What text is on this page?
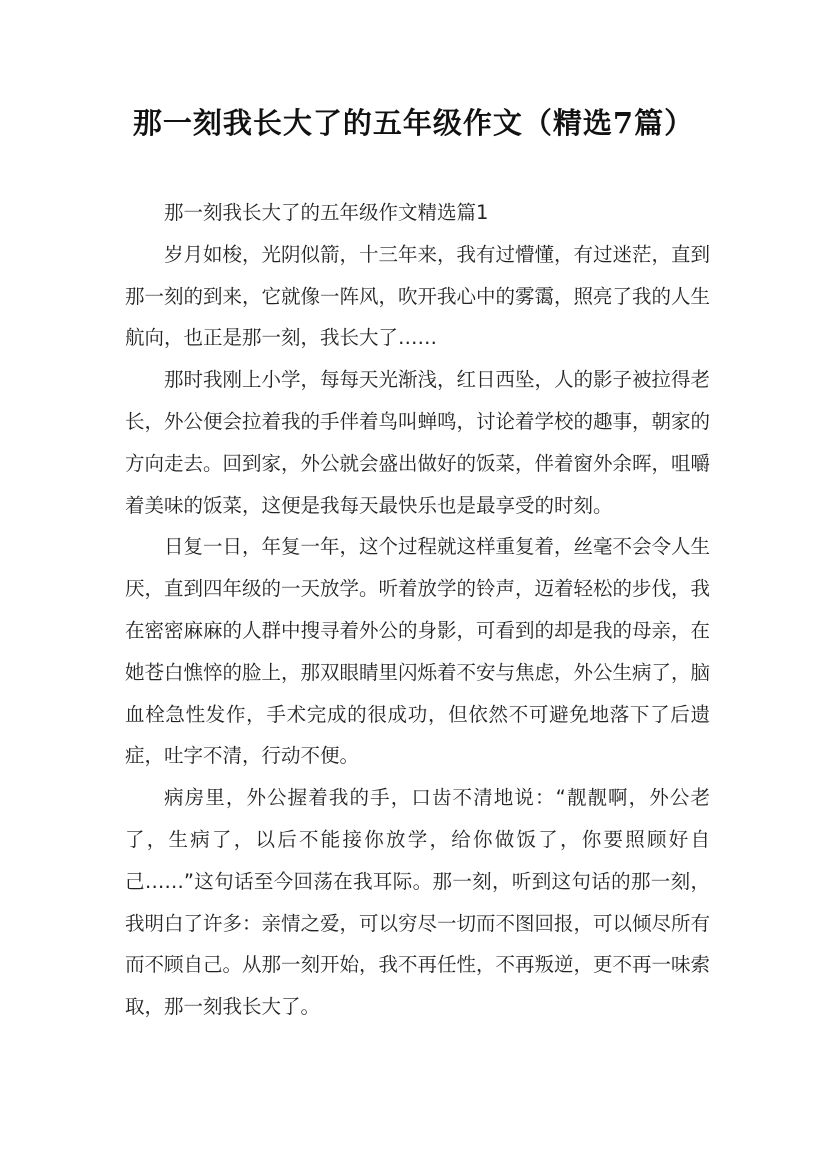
那一刻我长大了的五年级作文（精选7篇）

那一刻我长大了的五年级作文精选篇1

岁月如梭，光阴似箭，十三年来，我有过懵懂，有过迷茫，直到那一刻的到来，它就像一阵风，吹开我心中的雾霭，照亮了我的人生航向，也正是那一刻，我长大了……

那时我刚上小学，每每天光渐浅，红日西坠，人的影子被拉得老长，外公便会拉着我的手伴着鸟叫蝉鸣，讨论着学校的趣事，朝家的方向走去。回到家，外公就会盛出做好的饭菜，伴着窗外余晖，咀嚼着美味的饭菜，这便是我每天最快乐也是最享受的时刻。

日复一日，年复一年，这个过程就这样重复着，丝毫不会令人生厌，直到四年级的一天放学。听着放学的铃声，迈着轻松的步伐，我在密密麻麻的人群中搜寻着外公的身影，可看到的却是我的母亲，在她苍白憔悴的脸上，那双眼睛里闪烁着不安与焦虑，外公生病了，脑血栓急性发作，手术完成的很成功，但依然不可避免地落下了后遗症，吐字不清，行动不便。

病房里，外公握着我的手，口齿不清地说：“靓靓啊，外公老了，生病了，以后不能接你放学，给你做饭了，你要照顾好自己……”这句话至今回荡在我耳际。那一刻，听到这句话的那一刻，我明白了许多：亲情之爱，可以穷尽一切而不图回报，可以倾尽所有而不顾自己。从那一刻开始，我不再任性，不再叛逆，更不再一味索取，那一刻我长大了。
